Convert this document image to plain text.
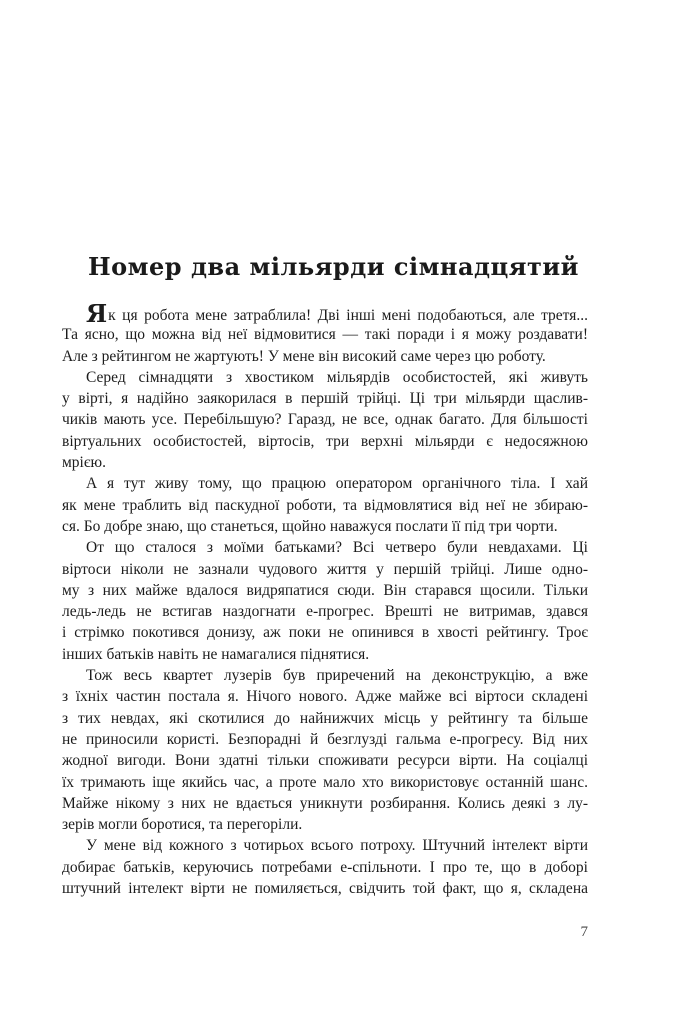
Номер два мільярди сімнадцятий
Як ця робота мене затраблила! Дві інші мені подобаються, але третя...
Та ясно, що можна від неї відмовитися — такі поради і я можу роздавати!
Але з рейтингом не жартують! У мене він високий саме через цю роботу.
Серед сімнадцяти з хвостиком мільярдів особистостей, які живуть
у вірті, я надійно заякорилася в першій трійці. Ці три мільярди щаслив-
чиків мають усе. Перебільшую? Гаразд, не все, однак багато. Для більшості
віртуальних особистостей, віртосів, три верхні мільярди є недосяжною
мрією.
А я тут живу тому, що працюю оператором органічного тіла. І хай
як мене траблить від паскудної роботи, та відмовлятися від неї не збираю-
ся. Бо добре знаю, що станеться, щойно наважуся послати її під три чорти.
От що сталося з моїми батьками? Всі четверо були невдахами. Ці
віртоси ніколи не зазнали чудового життя у першій трійці. Лише одно-
му з них майже вдалося видряпатися сюди. Він старався щосили. Тільки
ледь-ледь не встигав наздогнати е-прогрес. Врешті не витримав, здався
і стрімко покотився донизу, аж поки не опинився в хвості рейтингу. Троє
інших батьків навіть не намагалися піднятися.
Тож весь квартет лузерів був приречений на деконструкцію, а вже
з їхніх частин постала я. Нічого нового. Адже майже всі віртоси складені
з тих невдах, які скотилися до найнижчих місць у рейтингу та більше
не приносили користі. Безпорадні й безглузді гальма е-прогресу. Від них
жодної вигоди. Вони здатні тільки споживати ресурси вірти. На соціалці
їх тримають іще якийсь час, а проте мало хто використовує останній шанс.
Майже нікому з них не вдається уникнути розбирання. Колись деякі з лу-
зерів могли боротися, та перегоріли.
У мене від кожного з чотирьох всього потроху. Штучний інтелект вірти
добирає батьків, керуючись потребами е-спільноти. І про те, що в доборі
штучний інтелект вірти не помиляється, свідчить той факт, що я, складена
7
